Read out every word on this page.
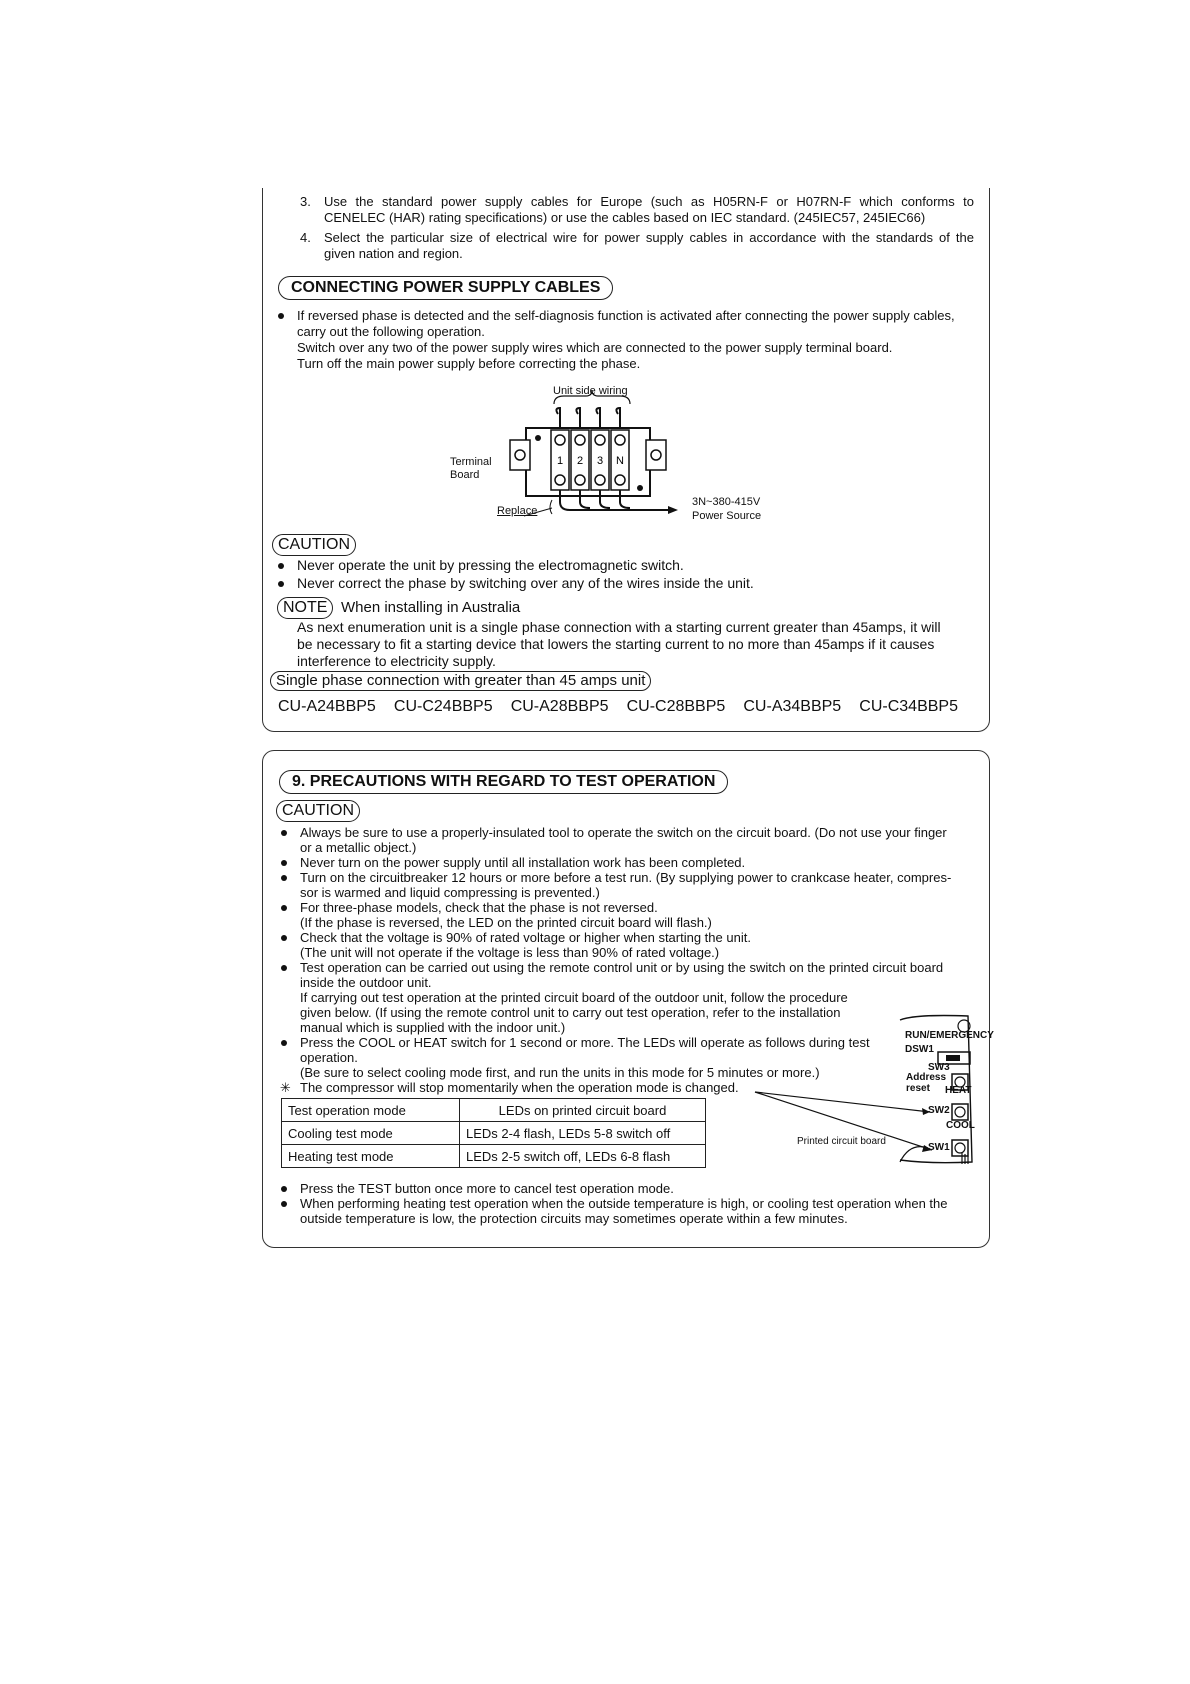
3. Use the standard power supply cables for Europe (such as H05RN-F or H07RN-F which conforms to
CENELEC (HAR) rating specifications) or use the cables based on IEC standard. (245IEC57, 245IEC66)
4. Select the particular size of electrical wire for power supply cables in accordance with the standards of the
given nation and region.
CONNECTING POWER SUPPLY CABLES
If reversed phase is detected and the self-diagnosis function is activated after connecting the power supply cables,
carry out the following operation.
Switch over any two of the power supply wires which are connected to the power supply terminal board.
Turn off the main power supply before correcting the phase.
1 2 3 N
Unit side wiring
Terminal
Board
Replace
3N~380-415V
Power Source
CAUTION
Never operate the unit by pressing the electromagnetic switch.
Never correct the phase by switching over any of the wires inside the unit.
NOTE When installing in Australia
As next enumeration unit is a single phase connection with a starting current greater than 45amps, it will
be necessary to fit a starting device that lowers the starting current to no more than 45amps if it causes
interference to electricity supply.
Single phase connection with greater than 45 amps unit
CU-A24BBP5 CU-C24BBP5 CU-A28BBP5 CU-C28BBP5 CU-A34BBP5 CU-C34BBP5
9. PRECAUTIONS WITH REGARD TO TEST OPERATION
CAUTION
Always be sure to use a properly-insulated tool to operate the switch on the circuit board. (Do not use your finger
or a metallic object.)
Never turn on the power supply until all installation work has been completed.
Turn on the circuitbreaker 12 hours or more before a test run. (By supplying power to crankcase heater, compres-
sor is warmed and liquid compressing is prevented.)
For three-phase models, check that the phase is not reversed.
(If the phase is reversed, the LED on the printed circuit board will flash.)
Check that the voltage is 90% of rated voltage or higher when starting the unit.
(The unit will not operate if the voltage is less than 90% of rated voltage.)
Test operation can be carried out using the remote control unit or by using the switch on the printed circuit board
inside the outdoor unit.
If carrying out test operation at the printed circuit board of the outdoor unit, follow the procedure
given below. (If using the remote control unit to carry out test operation, refer to the installation
manual which is supplied with the indoor unit.)
Press the COOL or HEAT switch for 1 second or more. The LEDs will operate as follows during test
operation.
(Be sure to select cooling mode first, and run the units in this mode for 5 minutes or more.)
✳ The compressor will stop momentarily when the operation mode is changed.
Test operation mode	LEDs on printed circuit board
Cooling test mode	LEDs 2-4 flash, LEDs 5-8 switch off
Heating test mode	LEDs 2-5 switch off, LEDs 6-8 flash
RUN/EMERGENCY
DSW1
SW3
Address
reset	HEAT
SW2
COOL
SW1
Printed circuit board
Press the TEST button once more to cancel test operation mode.
When performing heating test operation when the outside temperature is high, or cooling test operation when the
outside temperature is low, the protection circuits may sometimes operate within a few minutes.
